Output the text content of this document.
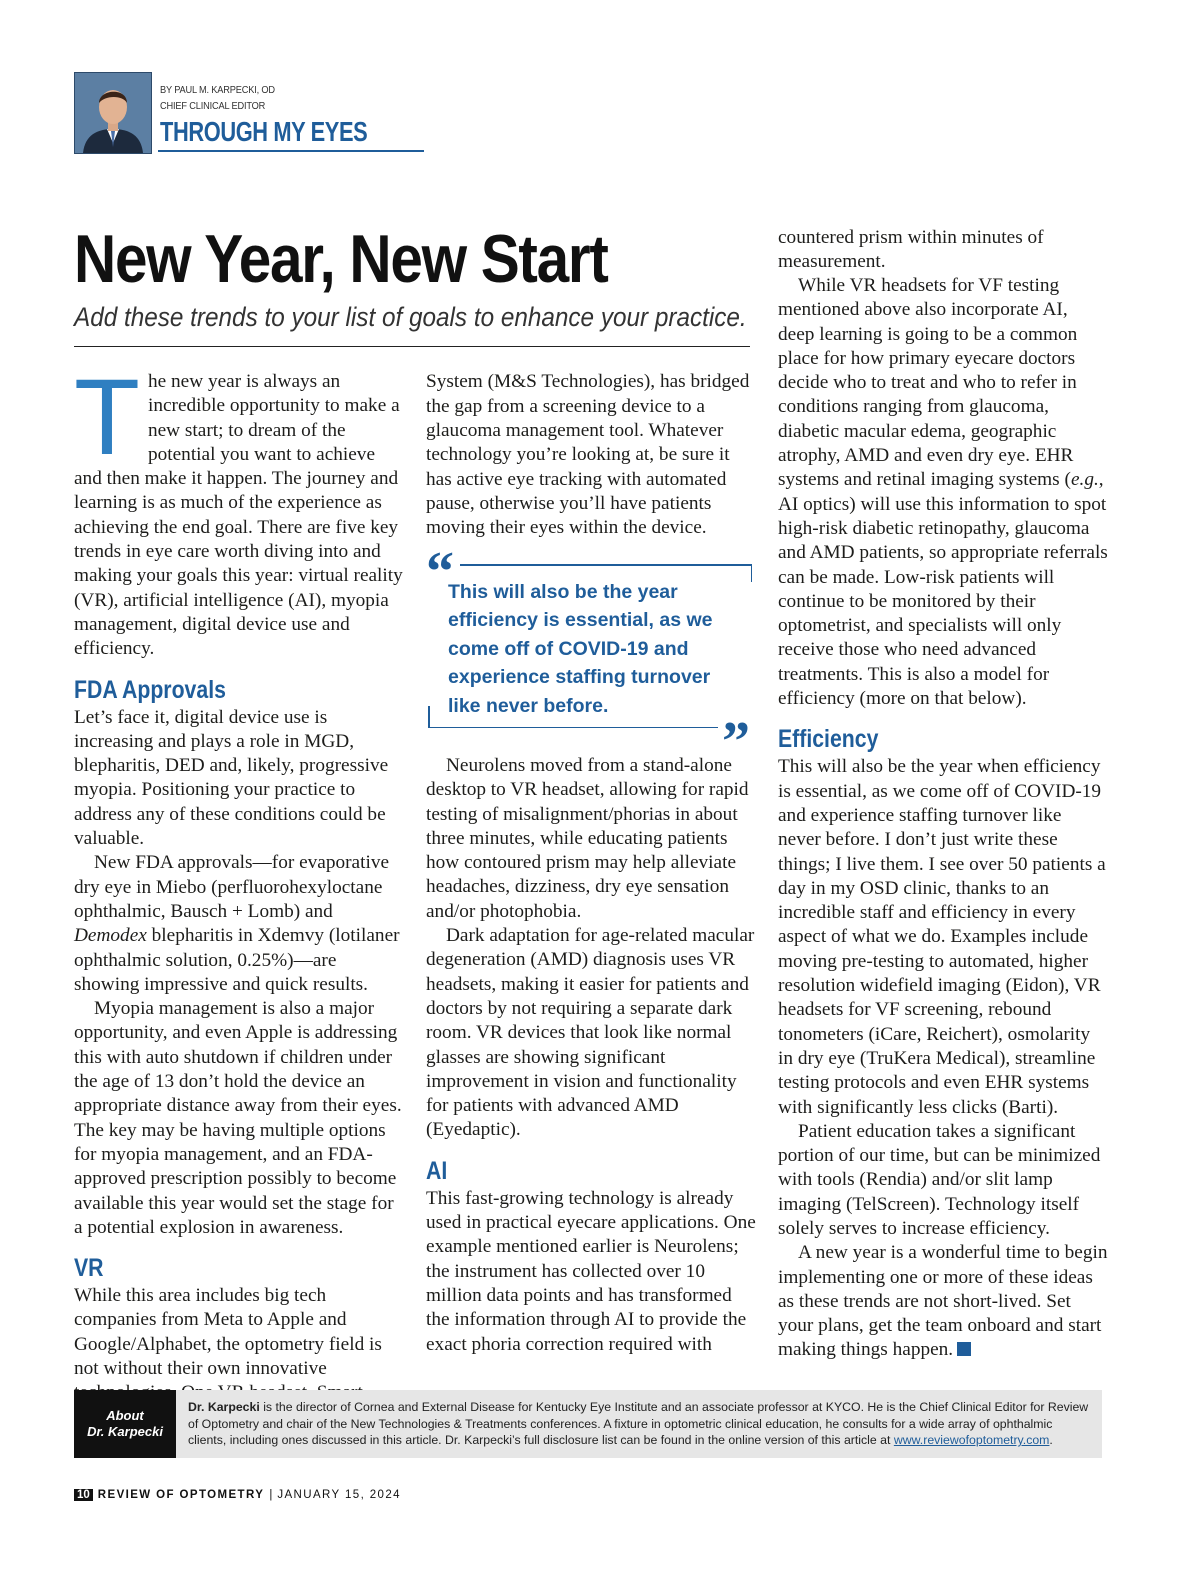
BY PAUL M. KARPECKI, OD
CHIEF CLINICAL EDITOR
THROUGH MY EYES
New Year, New Start
Add these trends to your list of goals to enhance your practice.

The new year is always an incredible opportunity to make a new start; to dream of the potential you want to achieve and then make it happen. The journey and learning is as much of the experience as achieving the end goal. There are five key trends in eye care worth diving into and making your goals this year: virtual reality (VR), artificial intelligence (AI), myopia management, digital device use and efficiency.

FDA Approvals

Let’s face it, digital device use is increasing and plays a role in MGD, blepharitis, DED and, likely, progressive myopia. Positioning your practice to address any of these conditions could be valuable.

New FDA approvals—for evaporative dry eye in Miebo (perfluorohexyloctane ophthalmic, Bausch + Lomb) and Demodex blepharitis in Xdemvy (lotilaner ophthalmic solution, 0.25%)—are showing impressive and quick results.

Myopia management is also a major opportunity, and even Apple is addressing this with auto shutdown if children under the age of 13 don’t hold the device an appropriate distance away from their eyes. The key may be having multiple options for myopia management, and an FDA-approved prescription possibly to become available this year would set the stage for a potential explosion in awareness.

VR

While this area includes big tech companies from Meta to Apple and Google/Alphabet, the optometry field is not without their own innovative

System (M&S Technologies), has bridged the gap from a screening device to a glaucoma management tool. Whatever technology you’re looking at, be sure it has active eye tracking with automated pause, otherwise you’ll have patients moving their eyes within the device.

“
This will also be the year efficiency is essential, as we come off of COVID-19 and experience staffing turnover like never before.
”

Neurolens moved from a stand-alone desktop to VR headset, allowing for rapid testing of misalignment/phorias in about three minutes, while educating patients how contoured prism may help alleviate headaches, dizziness, dry eye sensation and/or photophobia.

Dark adaptation for age-related macular degeneration (AMD) diagnosis uses VR headsets, making it easier for patients and doctors by not requiring a separate dark room. VR devices that look like normal glasses are showing significant improvement in vision and functionality for patients with advanced AMD (Eyedaptic).

AI

This fast-growing technology is already used in practical eyecare applications. One example mentioned earlier is Neurolens; the instrument has collected over 10 million data points and has transformed the information through AI to provide the exact phoria correction required with

countered prism within minutes of measurement.

While VR headsets for VF testing mentioned above also incorporate AI, deep learning is going to be a common place for how primary eyecare doctors decide who to treat and who to refer in conditions ranging from glaucoma, diabetic macular edema, geographic atrophy, AMD and even dry eye. EHR systems and retinal imaging systems (e.g., AI optics) will use this information to spot high-risk diabetic retinopathy, glaucoma and AMD patients, so appropriate referrals can be made. Low-risk patients will continue to be monitored by their optometrist, and specialists will only receive those who need advanced treatments. This is also a model for efficiency (more on that below).

Efficiency

This will also be the year when efficiency is essential, as we come off of COVID-19 and experience staffing turnover like never before. I don’t just write these things; I live them. I see over 50 patients a day in my OSD clinic, thanks to an incredible staff and efficiency in every aspect of what we do. Examples include moving pre-testing to automated, higher resolution widefield imaging (Eidon), VR headsets for VF screening, rebound tonometers (iCare, Reichert), osmolarity in dry eye (TruKera Medical), streamline testing protocols and even EHR systems with significantly less clicks (Barti).

Patient education takes a significant portion of our time, but can be minimized with tools (Rendia) and/or slit lamp imaging (TelScreen). Technology itself solely serves to increase efficiency.

A new year is a wonderful time to begin implementing one or more of these ideas as these trends are not short-lived. Set your plans, get the team onboard and start making things happen.

About
Dr. Karpecki
Dr. Karpecki is the director of Cornea and External Disease for Kentucky Eye Institute and an associate professor at KYCO. He is the Chief Clinical Editor for Review of Optometry and chair of the New Technologies & Treatments conferences. A fixture in optometric clinical education, he consults for a wide array of ophthalmic clients, including ones discussed in this article. Dr. Karpecki’s full disclosure list can be found in the online version of this article at www.reviewofoptometry.com.
10 REVIEW OF OPTOMETRY | JANUARY 15, 2024
